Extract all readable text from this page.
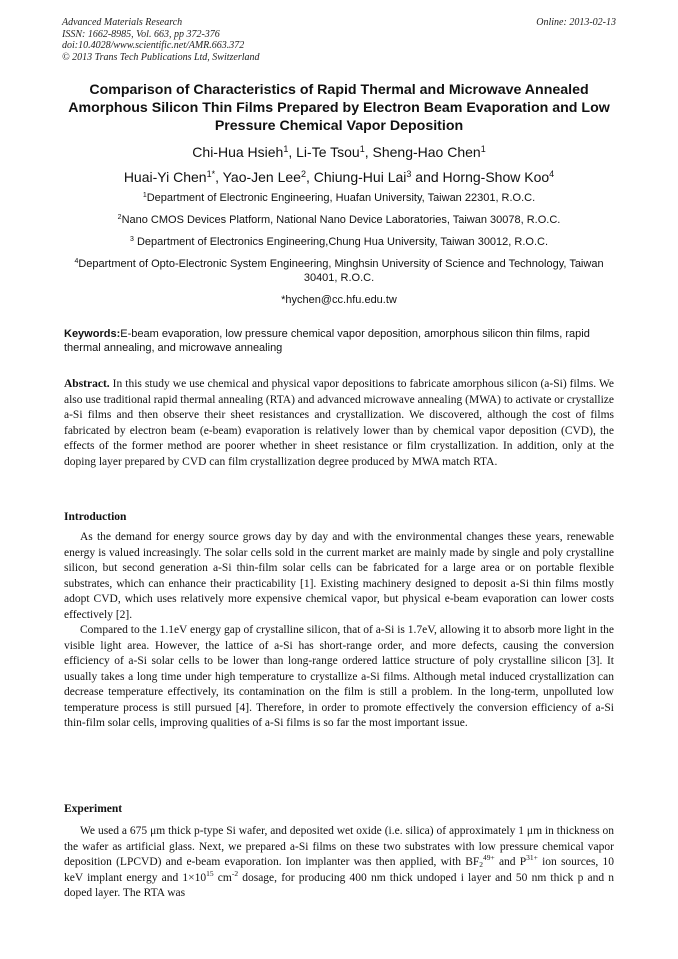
Advanced Materials Research
ISSN: 1662-8985, Vol. 663, pp 372-376
doi:10.4028/www.scientific.net/AMR.663.372
© 2013 Trans Tech Publications Ltd, Switzerland
Online: 2013-02-13
Comparison of Characteristics of Rapid Thermal and Microwave Annealed Amorphous Silicon Thin Films Prepared by Electron Beam Evaporation and Low Pressure Chemical Vapor Deposition
Chi-Hua Hsieh$^1$, Li-Te Tsou$^1$, Sheng-Hao Chen$^1$
Huai-Yi Chen$^{1*}$, Yao-Jen Lee$^2$, Chiung-Hui Lai$^3$ and Horng-Show Koo$^4$
$^1$Department of Electronic Engineering, Huafan University, Taiwan 22301, R.O.C.
$^2$Nano CMOS Devices Platform, National Nano Device Laboratories, Taiwan 30078, R.O.C.
$^3$ Department of Electronics Engineering,Chung Hua University, Taiwan 30012, R.O.C.
$^4$Department of Opto-Electronic System Engineering, Minghsin University of Science and Technology, Taiwan 30401, R.O.C.
*hychen@cc.hfu.edu.tw
Keywords:E-beam evaporation, low pressure chemical vapor deposition, amorphous silicon thin films, rapid thermal annealing, and microwave annealing
Abstract. In this study we use chemical and physical vapor depositions to fabricate amorphous silicon (a-Si) films. We also use traditional rapid thermal annealing (RTA) and advanced microwave annealing (MWA) to activate or crystallize a-Si films and then observe their sheet resistances and crystallization. We discovered, although the cost of films fabricated by electron beam (e-beam) evaporation is relatively lower than by chemical vapor deposition (CVD), the effects of the former method are poorer whether in sheet resistance or film crystallization. In addition, only at the doping layer prepared by CVD can film crystallization degree produced by MWA match RTA.
Introduction
As the demand for energy source grows day by day and with the environmental changes these years, renewable energy is valued increasingly. The solar cells sold in the current market are mainly made by single and poly crystalline silicon, but second generation a-Si thin-film solar cells can be fabricated for a large area or on portable flexible substrates, which can enhance their practicability [1]. Existing machinery designed to deposit a-Si thin films mostly adopt CVD, which uses relatively more expensive chemical vapor, but physical e-beam evaporation can lower costs effectively [2].
Compared to the 1.1eV energy gap of crystalline silicon, that of a-Si is 1.7eV, allowing it to absorb more light in the visible light area. However, the lattice of a-Si has short-range order, and more defects, causing the conversion efficiency of a-Si solar cells to be lower than long-range ordered lattice structure of poly crystalline silicon [3]. It usually takes a long time under high temperature to crystallize a-Si films. Although metal induced crystallization can decrease temperature effectively, its contamination on the film is still a problem. In the long-term, unpolluted low temperature process is still pursued [4]. Therefore, in order to promote effectively the conversion efficiency of a-Si thin-film solar cells, improving qualities of a-Si films is so far the most important issue.
Experiment
We used a 675 μm thick p-type Si wafer, and deposited wet oxide (i.e. silica) of approximately 1 μm in thickness on the wafer as artificial glass. Next, we prepared a-Si films on these two substrates with low pressure chemical vapor deposition (LPCVD) and e-beam evaporation. Ion implanter was then applied, with $BF_2^{49+}$ and $P^{31+}$ ion sources, 10 keV implant energy and $1\times 10^{15}$ $cm^{-2}$ dosage, for producing 400 nm thick undoped i layer and 50 nm thick p and n doped layer. The RTA was
